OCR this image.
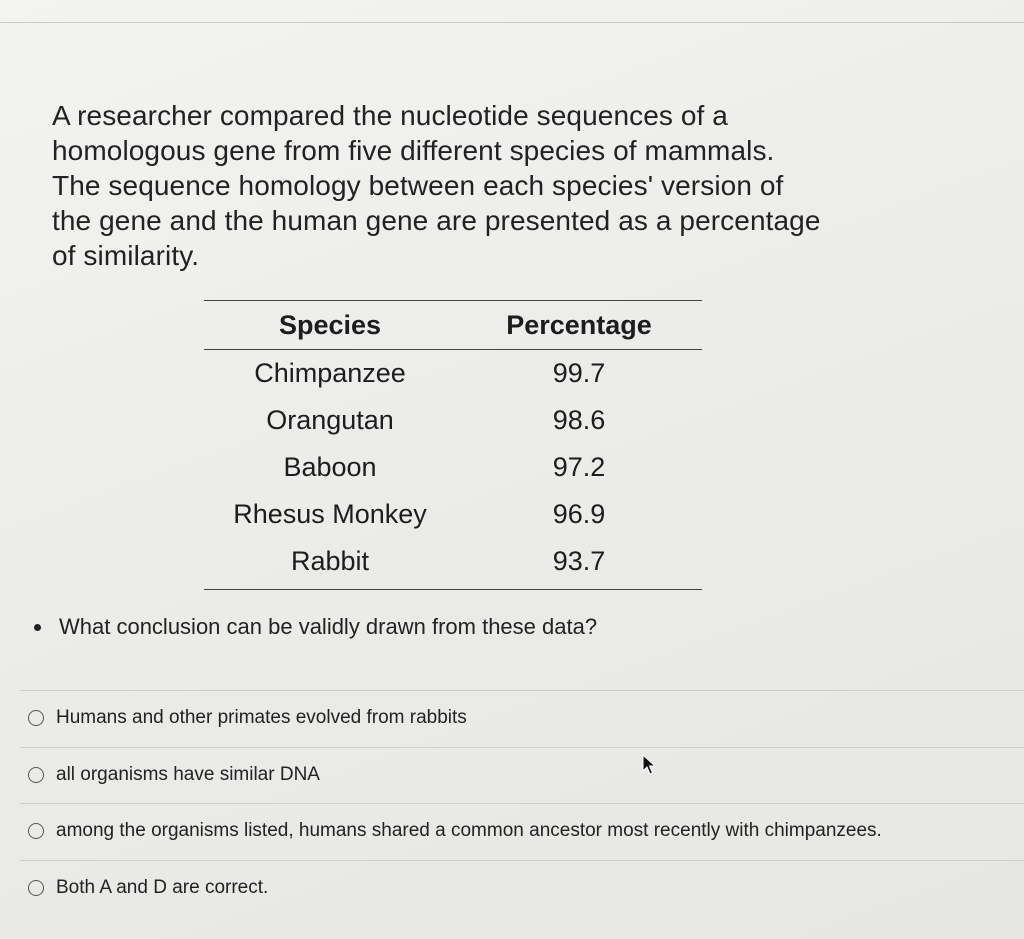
A researcher compared the nucleotide sequences of a
homologous gene from five different species of mammals.
The sequence homology between each species' version of
the gene and the human gene are presented as a percentage
of similarity.
Species	Percentage
Chimpanzee	99.7
Orangutan	98.6
Baboon	97.2
Rhesus Monkey	96.9
Rabbit	93.7
What conclusion can be validly drawn from these data?
Humans and other primates evolved from rabbits
all organisms have similar DNA
among the organisms listed, humans shared a common ancestor most recently with chimpanzees.
Both A and D are correct.
